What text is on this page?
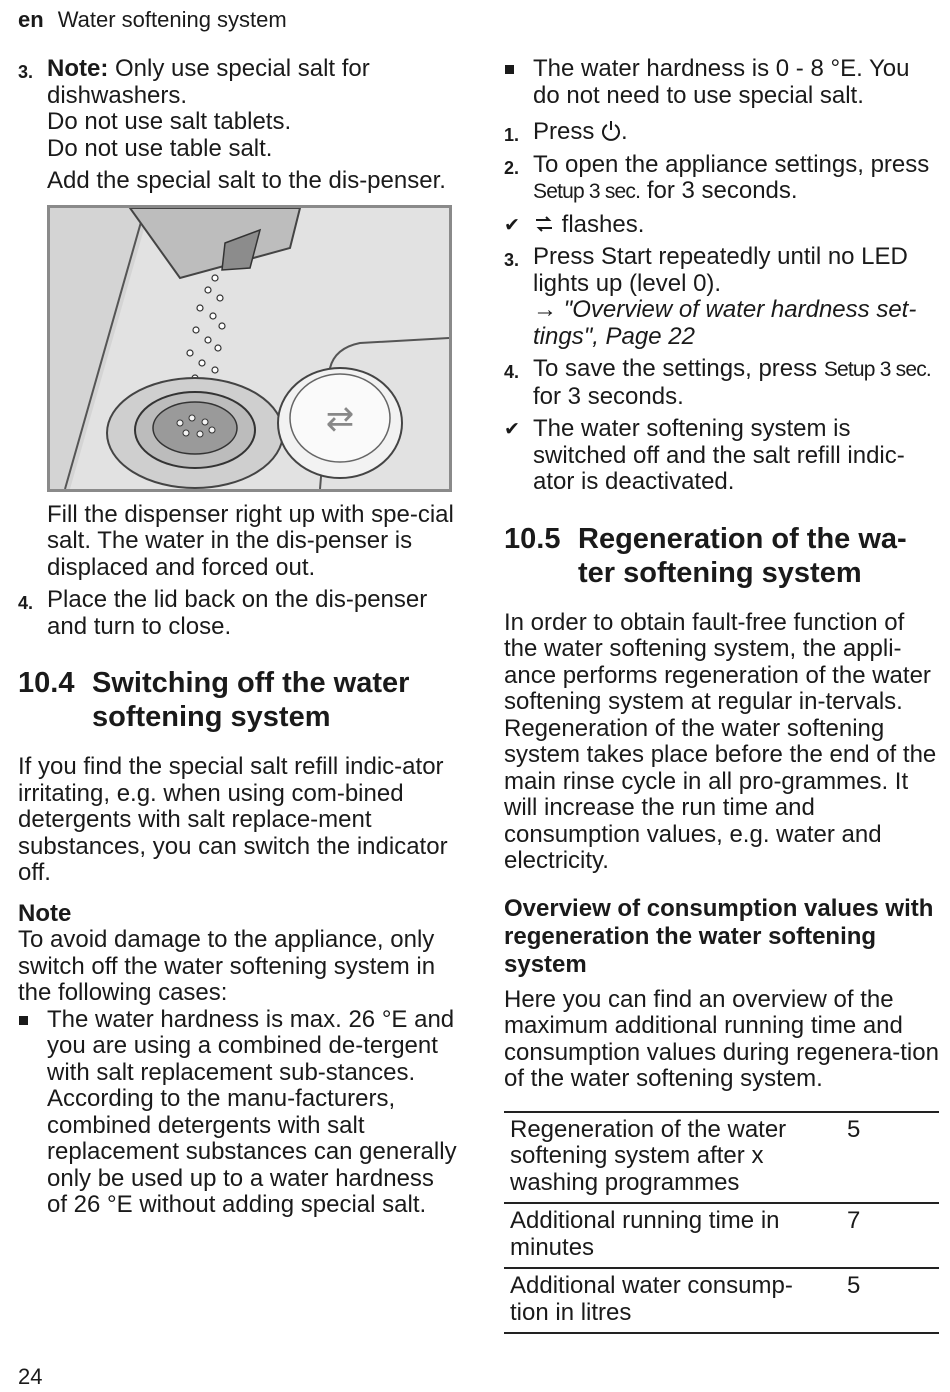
en Water softening system
3. Note: Only use special salt for dishwashers.

Do not use salt tablets.

Do not use table salt.

Add the special salt to the dis-penser.

⇄

Fill the dispenser right up with spe-cial salt. The water in the dis-penser is displaced and forced out.

4. Place the lid back on the dis-penser and turn to close.

10.4 Switching off the water softening system

If you find the special salt refill indic-ator irritating, e.g. when using com-bined detergents with salt replace-ment substances, you can switch the indicator off.

Note

To avoid damage to the appliance, only switch off the water softening system in the following cases:

The water hardness is max. 26 °E and you are using a combined de-tergent with salt replacement sub-stances. According to the manu-facturers, combined detergents with salt replacement substances can generally only be used up to a water hardness of 26 °E without adding special salt.

The water hardness is 0 - 8 °E. You do not need to use special salt.

1. Press .

2. To open the appliance settings, press Setup 3 sec. for 3 seconds.

✔	flashes.

3. Press Start repeatedly until no LED lights up (level 0).

→ "Overview of water hardness set-tings", Page 22

4. To save the settings, press Setup 3 sec. for 3 seconds.

✔ The water softening system is switched off and the salt refill indic-ator is deactivated.

10.5 Regeneration of the wa-ter softening system

In order to obtain fault-free function of the water softening system, the appli-ance performs regeneration of the water softening system at regular in-tervals.

Regeneration of the water softening system takes place before the end of the main rinse cycle in all pro-grammes. It will increase the run time and consumption values, e.g. water and electricity.

Overview of consumption values with regeneration the water softening system

Here you can find an overview of the maximum additional running time and consumption values during regenera-tion of the water softening system.

Regeneration of the water softening system after x washing programmes	5
Additional running time in minutes	7
Additional water consump-tion in litres	5
24
